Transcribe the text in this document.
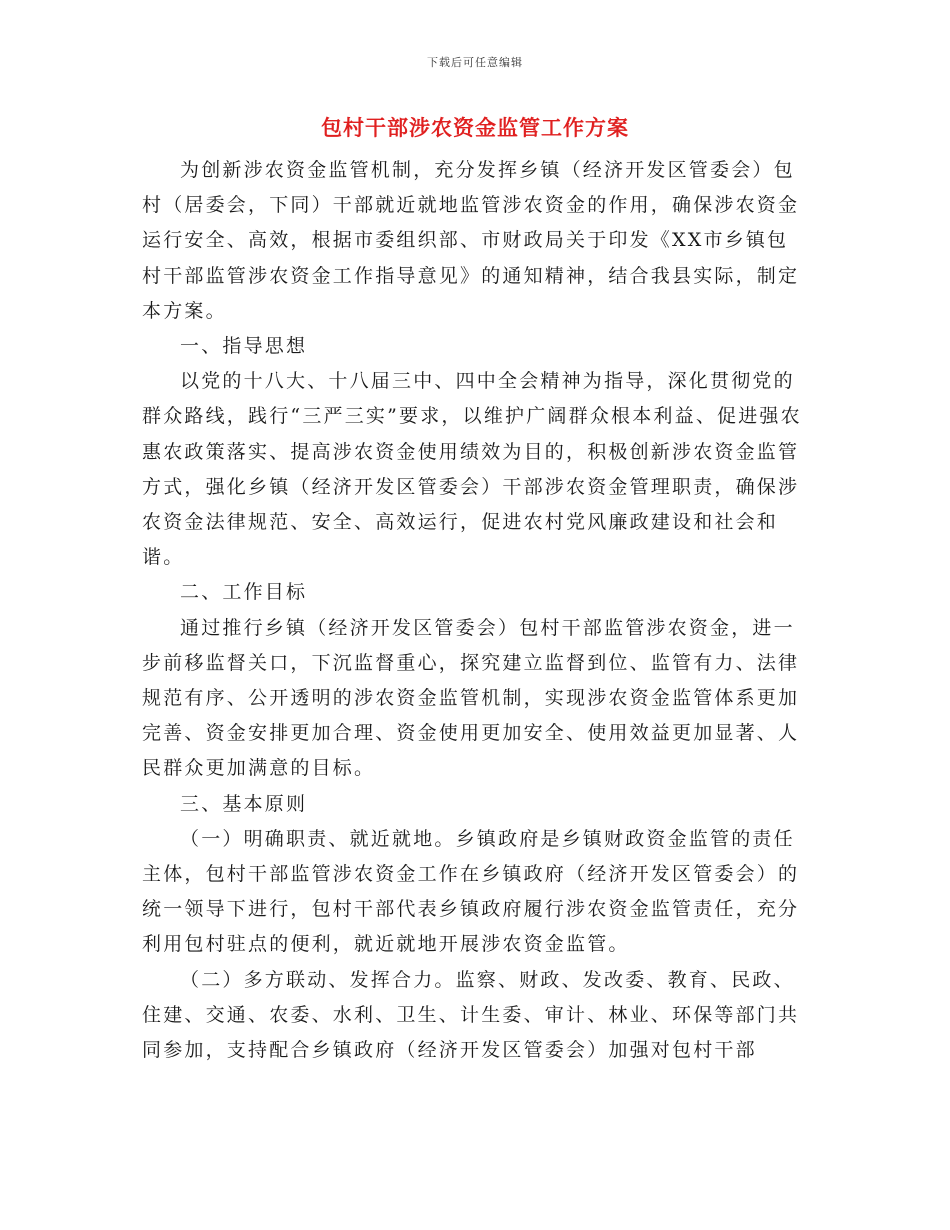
下载后可任意编辑
包村干部涉农资金监管工作方案

为创新涉农资金监管机制，充分发挥乡镇（经济开发区管委会）包村（居委会，下同）干部就近就地监管涉农资金的作用，确保涉农资金运行安全、高效，根据市委组织部、市财政局关于印发《XX市乡镇包村干部监管涉农资金工作指导意见》的通知精神，结合我县实际，制定本方案。

一、指导思想

以党的十八大、十八届三中、四中全会精神为指导，深化贯彻党的群众路线，践行“三严三实”要求，以维护广阔群众根本利益、促进强农惠农政策落实、提高涉农资金使用绩效为目的，积极创新涉农资金监管方式，强化乡镇（经济开发区管委会）干部涉农资金管理职责，确保涉农资金法律规范、安全、高效运行，促进农村党风廉政建设和社会和谐。

二、工作目标

通过推行乡镇（经济开发区管委会）包村干部监管涉农资金，进一步前移监督关口，下沉监督重心，探究建立监督到位、监管有力、法律规范有序、公开透明的涉农资金监管机制，实现涉农资金监管体系更加完善、资金安排更加合理、资金使用更加安全、使用效益更加显著、人民群众更加满意的目标。

三、基本原则

（一）明确职责、就近就地。乡镇政府是乡镇财政资金监管的责任主体，包村干部监管涉农资金工作在乡镇政府（经济开发区管委会）的统一领导下进行，包村干部代表乡镇政府履行涉农资金监管责任，充分利用包村驻点的便利，就近就地开展涉农资金监管。

（二）多方联动、发挥合力。监察、财政、发改委、教育、民政、住建、交通、农委、水利、卫生、计生委、审计、林业、环保等部门共同参加，支持配合乡镇政府（经济开发区管委会）加强对包村干部
